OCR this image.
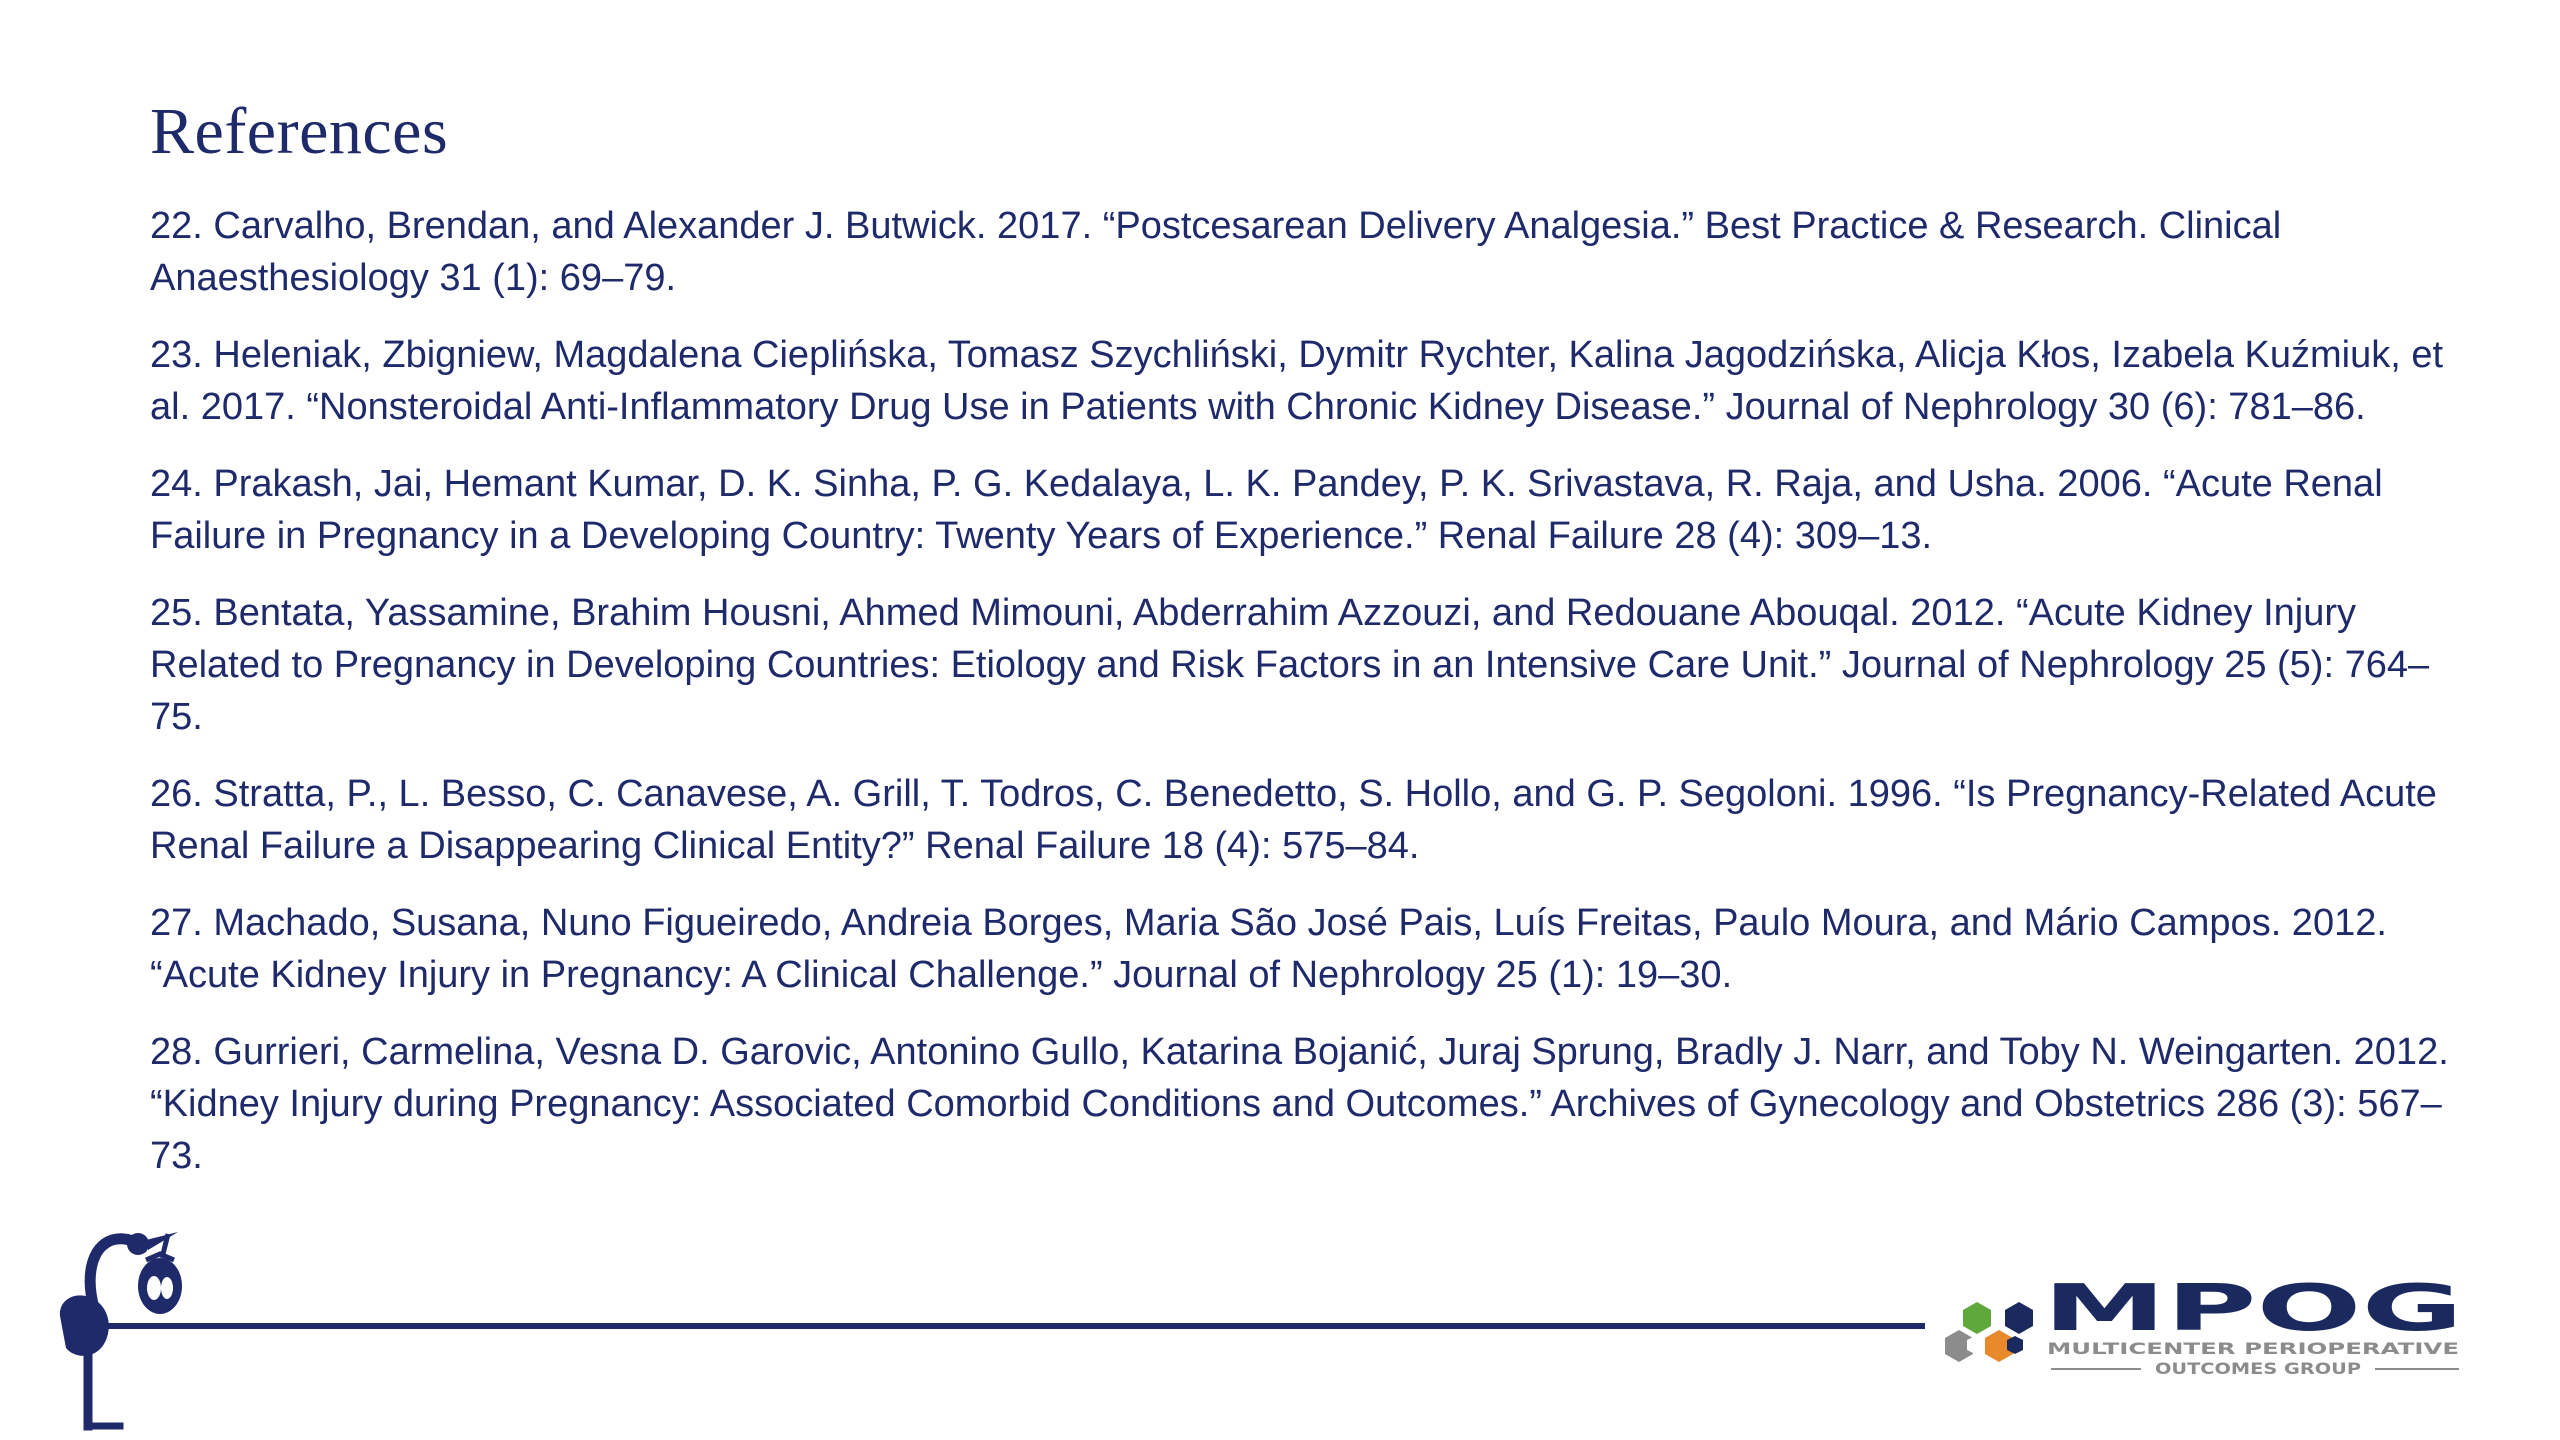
References
22. Carvalho, Brendan, and Alexander J. Butwick. 2017. “Postcesarean Delivery Analgesia.” Best Practice & Research. Clinical Anaesthesiology 31 (1): 69–79.
23. Heleniak, Zbigniew, Magdalena Cieplińska, Tomasz Szychliński, Dymitr Rychter, Kalina Jagodzińska, Alicja Kłos, Izabela Kuźmiuk, et al. 2017. “Nonsteroidal Anti-Inflammatory Drug Use in Patients with Chronic Kidney Disease.” Journal of Nephrology 30 (6): 781–86.
24. Prakash, Jai, Hemant Kumar, D. K. Sinha, P. G. Kedalaya, L. K. Pandey, P. K. Srivastava, R. Raja, and Usha. 2006. “Acute Renal Failure in Pregnancy in a Developing Country: Twenty Years of Experience.” Renal Failure 28 (4): 309–13.
25. Bentata, Yassamine, Brahim Housni, Ahmed Mimouni, Abderrahim Azzouzi, and Redouane Abouqal. 2012. “Acute Kidney Injury Related to Pregnancy in Developing Countries: Etiology and Risk Factors in an Intensive Care Unit.” Journal of Nephrology 25 (5): 764–75.
26. Stratta, P., L. Besso, C. Canavese, A. Grill, T. Todros, C. Benedetto, S. Hollo, and G. P. Segoloni. 1996. “Is Pregnancy-Related Acute Renal Failure a Disappearing Clinical Entity?” Renal Failure 18 (4): 575–84.
27. Machado, Susana, Nuno Figueiredo, Andreia Borges, Maria São José Pais, Luís Freitas, Paulo Moura, and Mário Campos. 2012. “Acute Kidney Injury in Pregnancy: A Clinical Challenge.” Journal of Nephrology 25 (1): 19–30.
28. Gurrieri, Carmelina, Vesna D. Garovic, Antonino Gullo, Katarina Bojanić, Juraj Sprung, Bradly J. Narr, and Toby N. Weingarten. 2012. “Kidney Injury during Pregnancy: Associated Comorbid Conditions and Outcomes.” Archives of Gynecology and Obstetrics 286 (3): 567–73.
MPOG
MULTICENTER PERIOPERATIVE
OUTCOMES GROUP
